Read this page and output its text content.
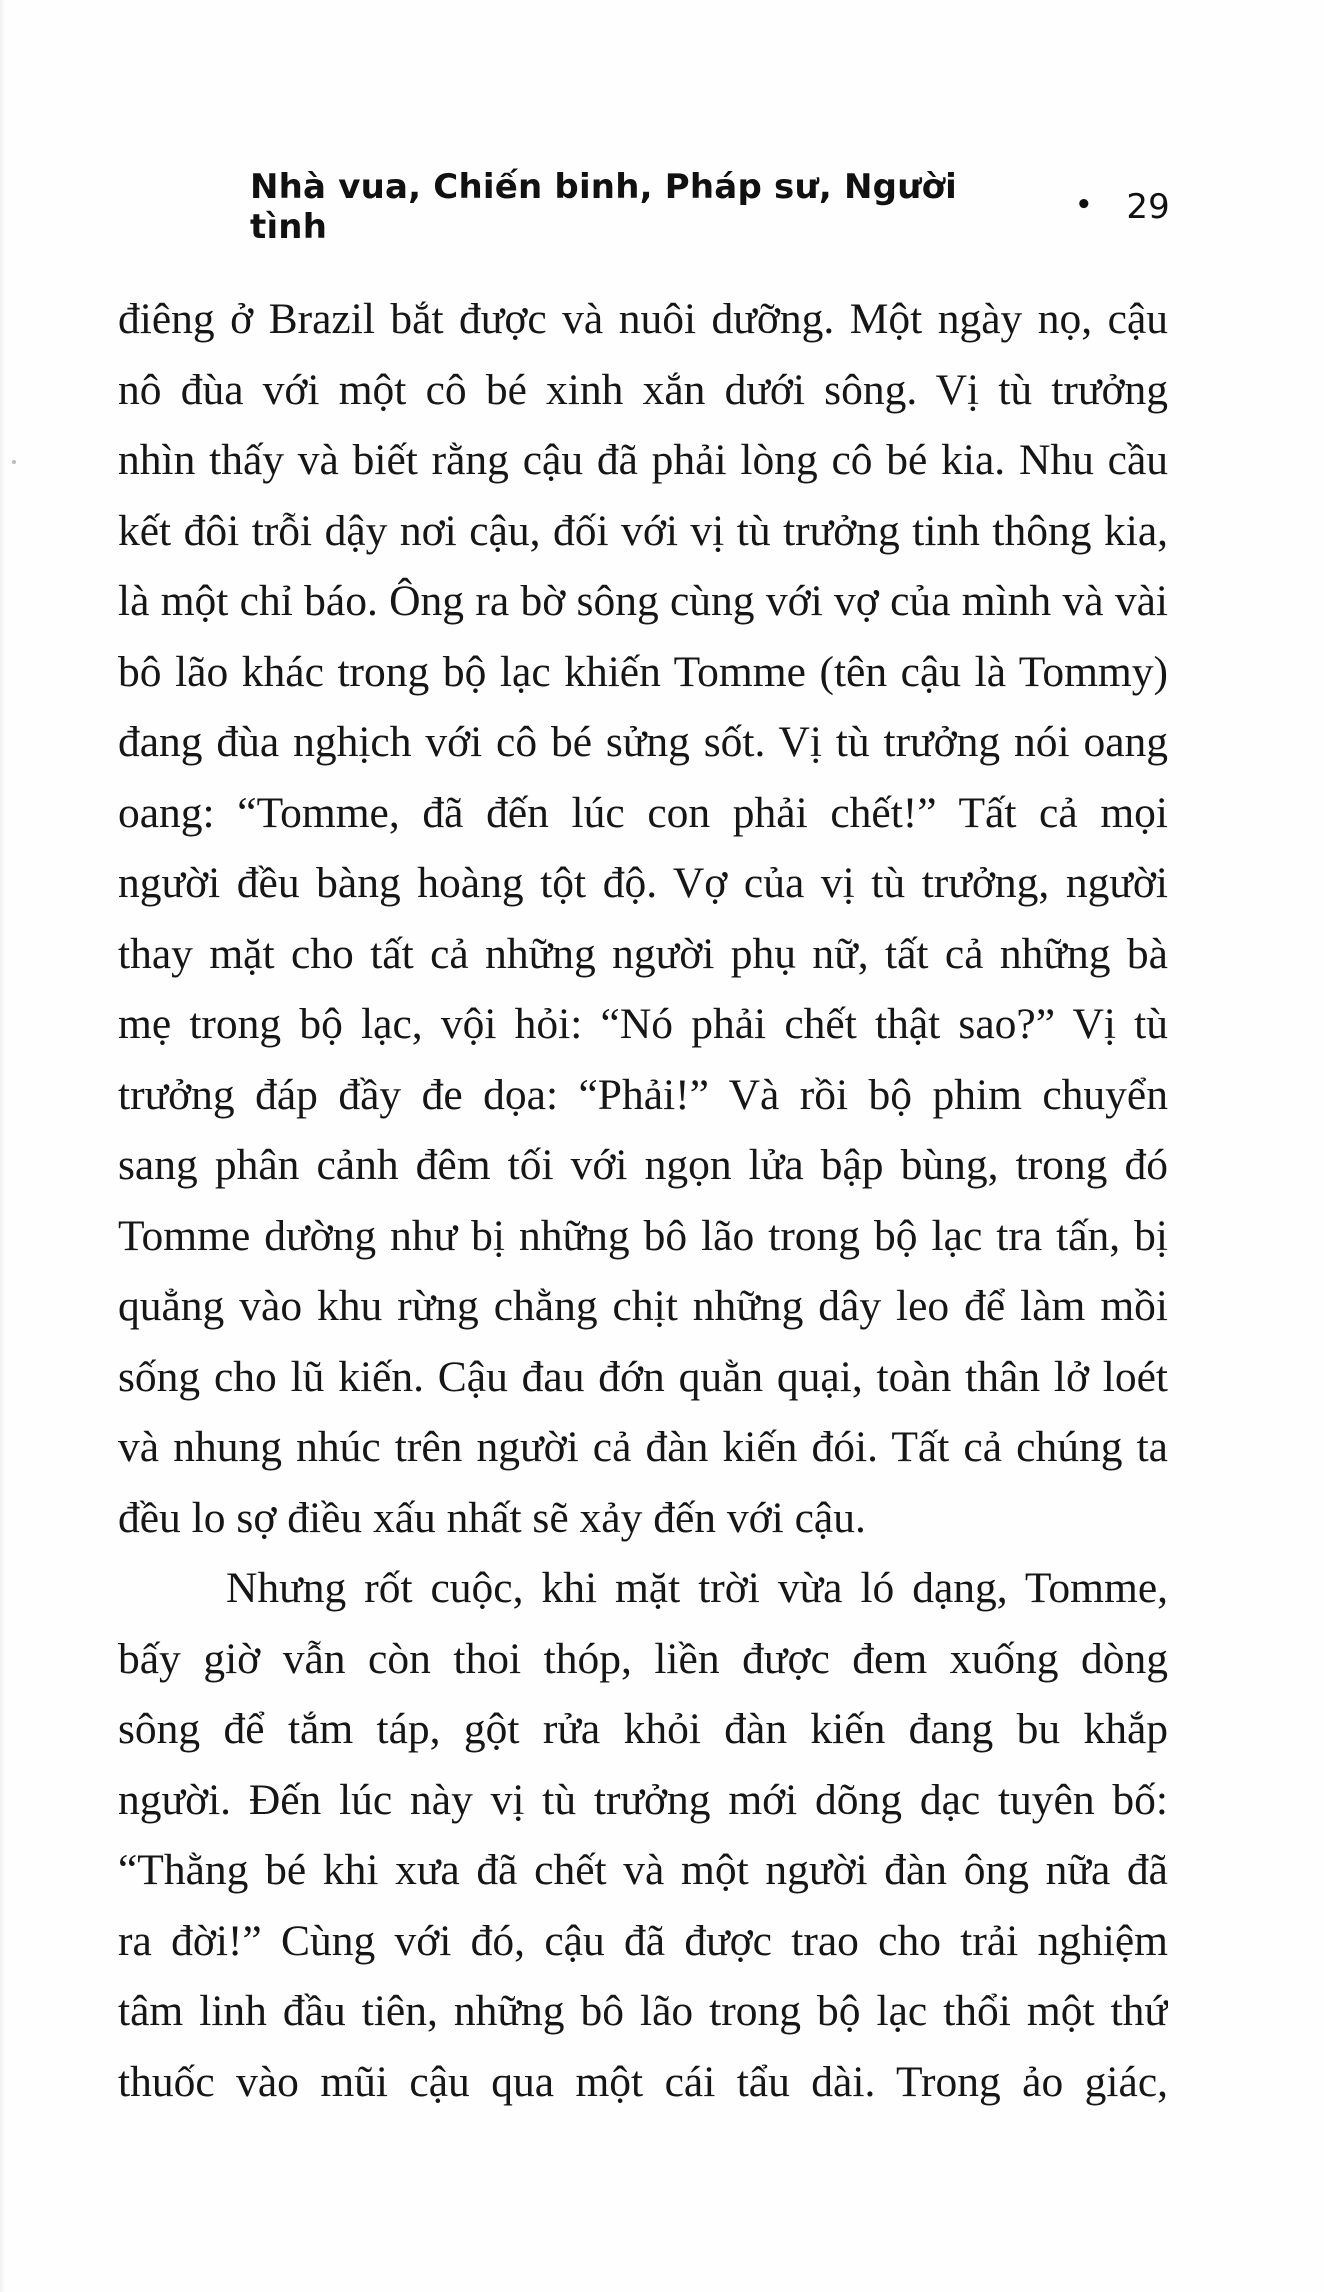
Nhà vua, Chiến binh, Pháp sư, Người tình
• 29
điêng ở Brazil bắt được và nuôi dưỡng. Một ngày nọ, cậu
nô đùa với một cô bé xinh xắn dưới sông. Vị tù trưởng
nhìn thấy và biết rằng cậu đã phải lòng cô bé kia. Nhu cầu
kết đôi trỗi dậy nơi cậu, đối với vị tù trưởng tinh thông kia,
là một chỉ báo. Ông ra bờ sông cùng với vợ của mình và vài
bô lão khác trong bộ lạc khiến Tomme (tên cậu là Tommy)
đang đùa nghịch với cô bé sửng sốt. Vị tù trưởng nói oang
oang: “Tomme, đã đến lúc con phải chết!” Tất cả mọi
người đều bàng hoàng tột độ. Vợ của vị tù trưởng, người
thay mặt cho tất cả những người phụ nữ, tất cả những bà
mẹ trong bộ lạc, vội hỏi: “Nó phải chết thật sao?” Vị tù
trưởng đáp đầy đe dọa: “Phải!” Và rồi bộ phim chuyển
sang phân cảnh đêm tối với ngọn lửa bập bùng, trong đó
Tomme dường như bị những bô lão trong bộ lạc tra tấn, bị
quẳng vào khu rừng chằng chịt những dây leo để làm mồi
sống cho lũ kiến. Cậu đau đớn quằn quại, toàn thân lở loét
và nhung nhúc trên người cả đàn kiến đói. Tất cả chúng ta
đều lo sợ điều xấu nhất sẽ xảy đến với cậu.
Nhưng rốt cuộc, khi mặt trời vừa ló dạng, Tomme,
bấy giờ vẫn còn thoi thóp, liền được đem xuống dòng
sông để tắm táp, gột rửa khỏi đàn kiến đang bu khắp
người. Đến lúc này vị tù trưởng mới dõng dạc tuyên bố:
“Thằng bé khi xưa đã chết và một người đàn ông nữa đã
ra đời!” Cùng với đó, cậu đã được trao cho trải nghiệm
tâm linh đầu tiên, những bô lão trong bộ lạc thổi một thứ
thuốc vào mũi cậu qua một cái tẩu dài. Trong ảo giác,
